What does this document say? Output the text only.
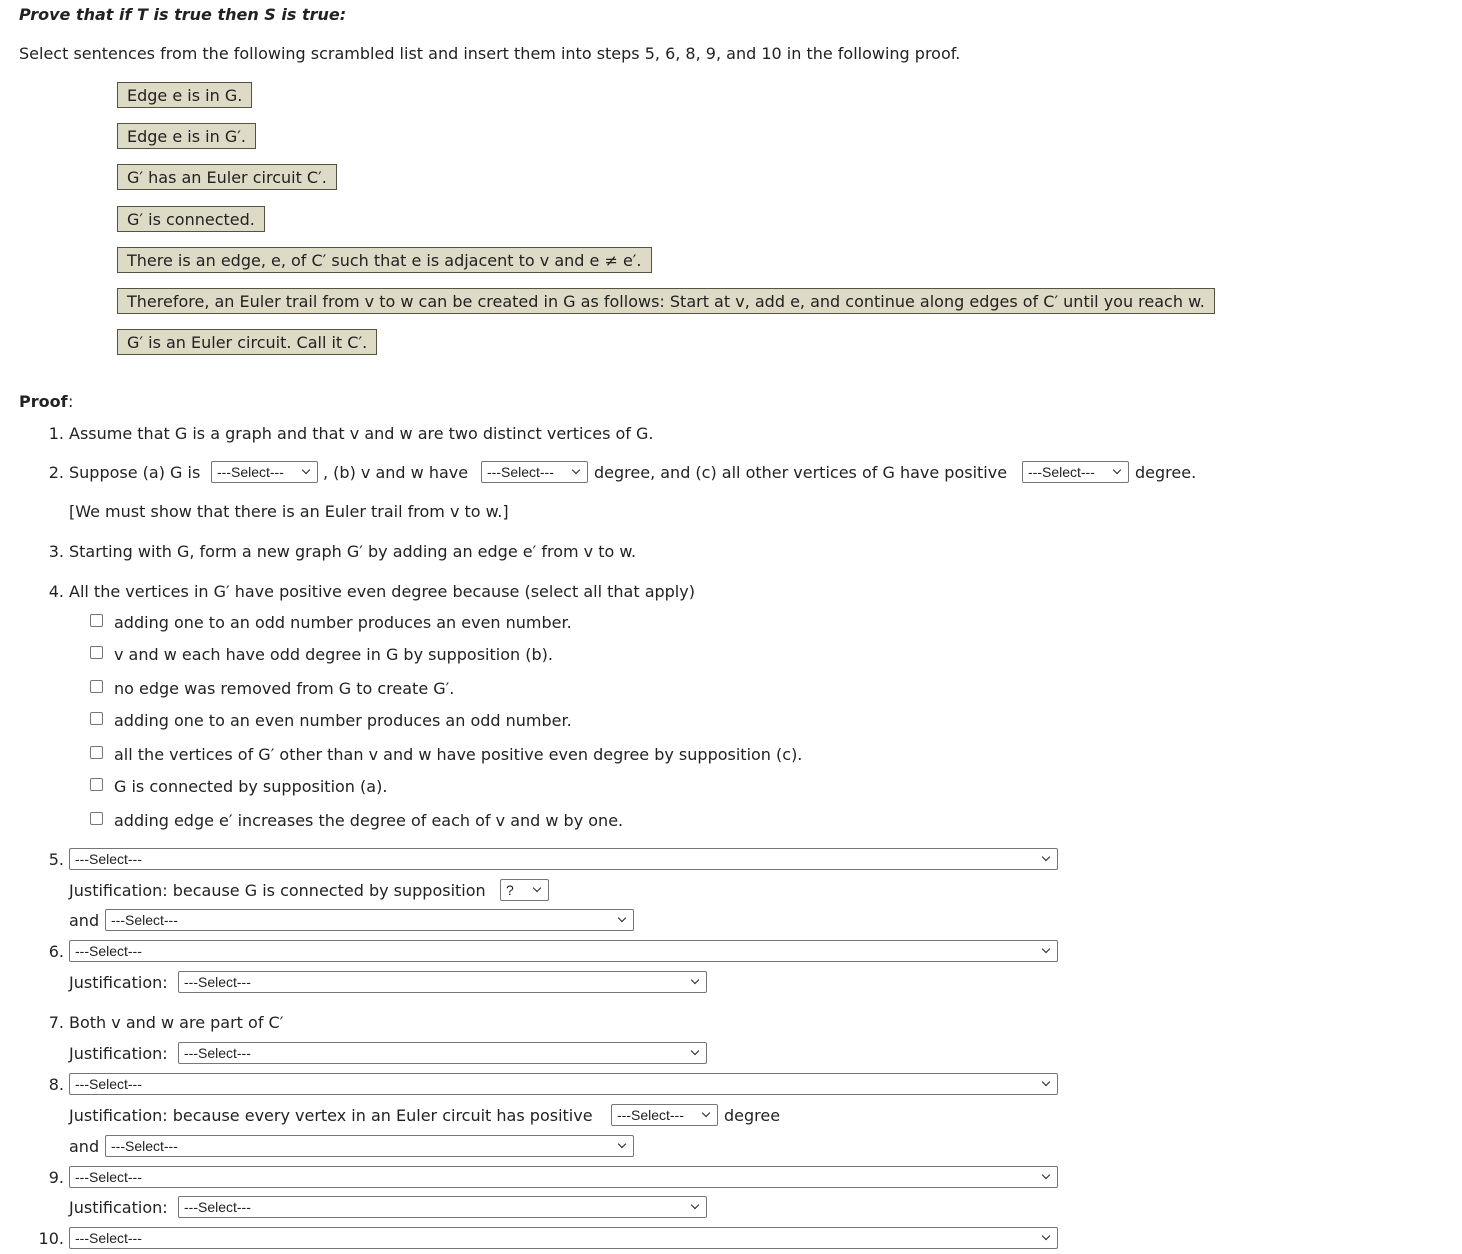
Prove that if T is true then S is true:
Select sentences from the following scrambled list and insert them into steps 5, 6, 8, 9, and 10 in the following proof.
Edge e is in G.
Edge e is in G′.
G′ has an Euler circuit C′.
G′ is connected.
There is an edge, e, of C′ such that e is adjacent to v and e ≠ e′.
Therefore, an Euler trail from v to w can be created in G as follows: Start at v, add e, and continue along edges of C′ until you reach w.
G′ is an Euler circuit. Call it C′.
Proof :
1. Assume that G is a graph and that v and w are two distinct vertices of G.
2. Suppose (a) G is	---Select---	, (b) v and w have	---Select---	degree, and (c) all other vertices of G have positive	---Select---	degree.
[We must show that there is an Euler trail from v to w.]
3. Starting with G, form a new graph G′ by adding an edge e′ from v to w.
4. All the vertices in G′ have positive even degree because (select all that apply)
adding one to an odd number produces an even number.
v and w each have odd degree in G by supposition (b).
no edge was removed from G to create G′.
adding one to an even number produces an odd number.
all the vertices of G′ other than v and w have positive even degree by supposition (c).
G is connected by supposition (a).
adding edge e′ increases the degree of each of v and w by one.
5. ---Select---
Justification: because G is connected by supposition	?
and ---Select---
6. ---Select---
Justification:	---Select---
7. Both v and w are part of C′
Justification:	---Select---
8. ---Select---
Justification: because every vertex in an Euler circuit has positive	---Select---	degree
and ---Select---
9. ---Select---
Justification:	---Select---
10. ---Select---
